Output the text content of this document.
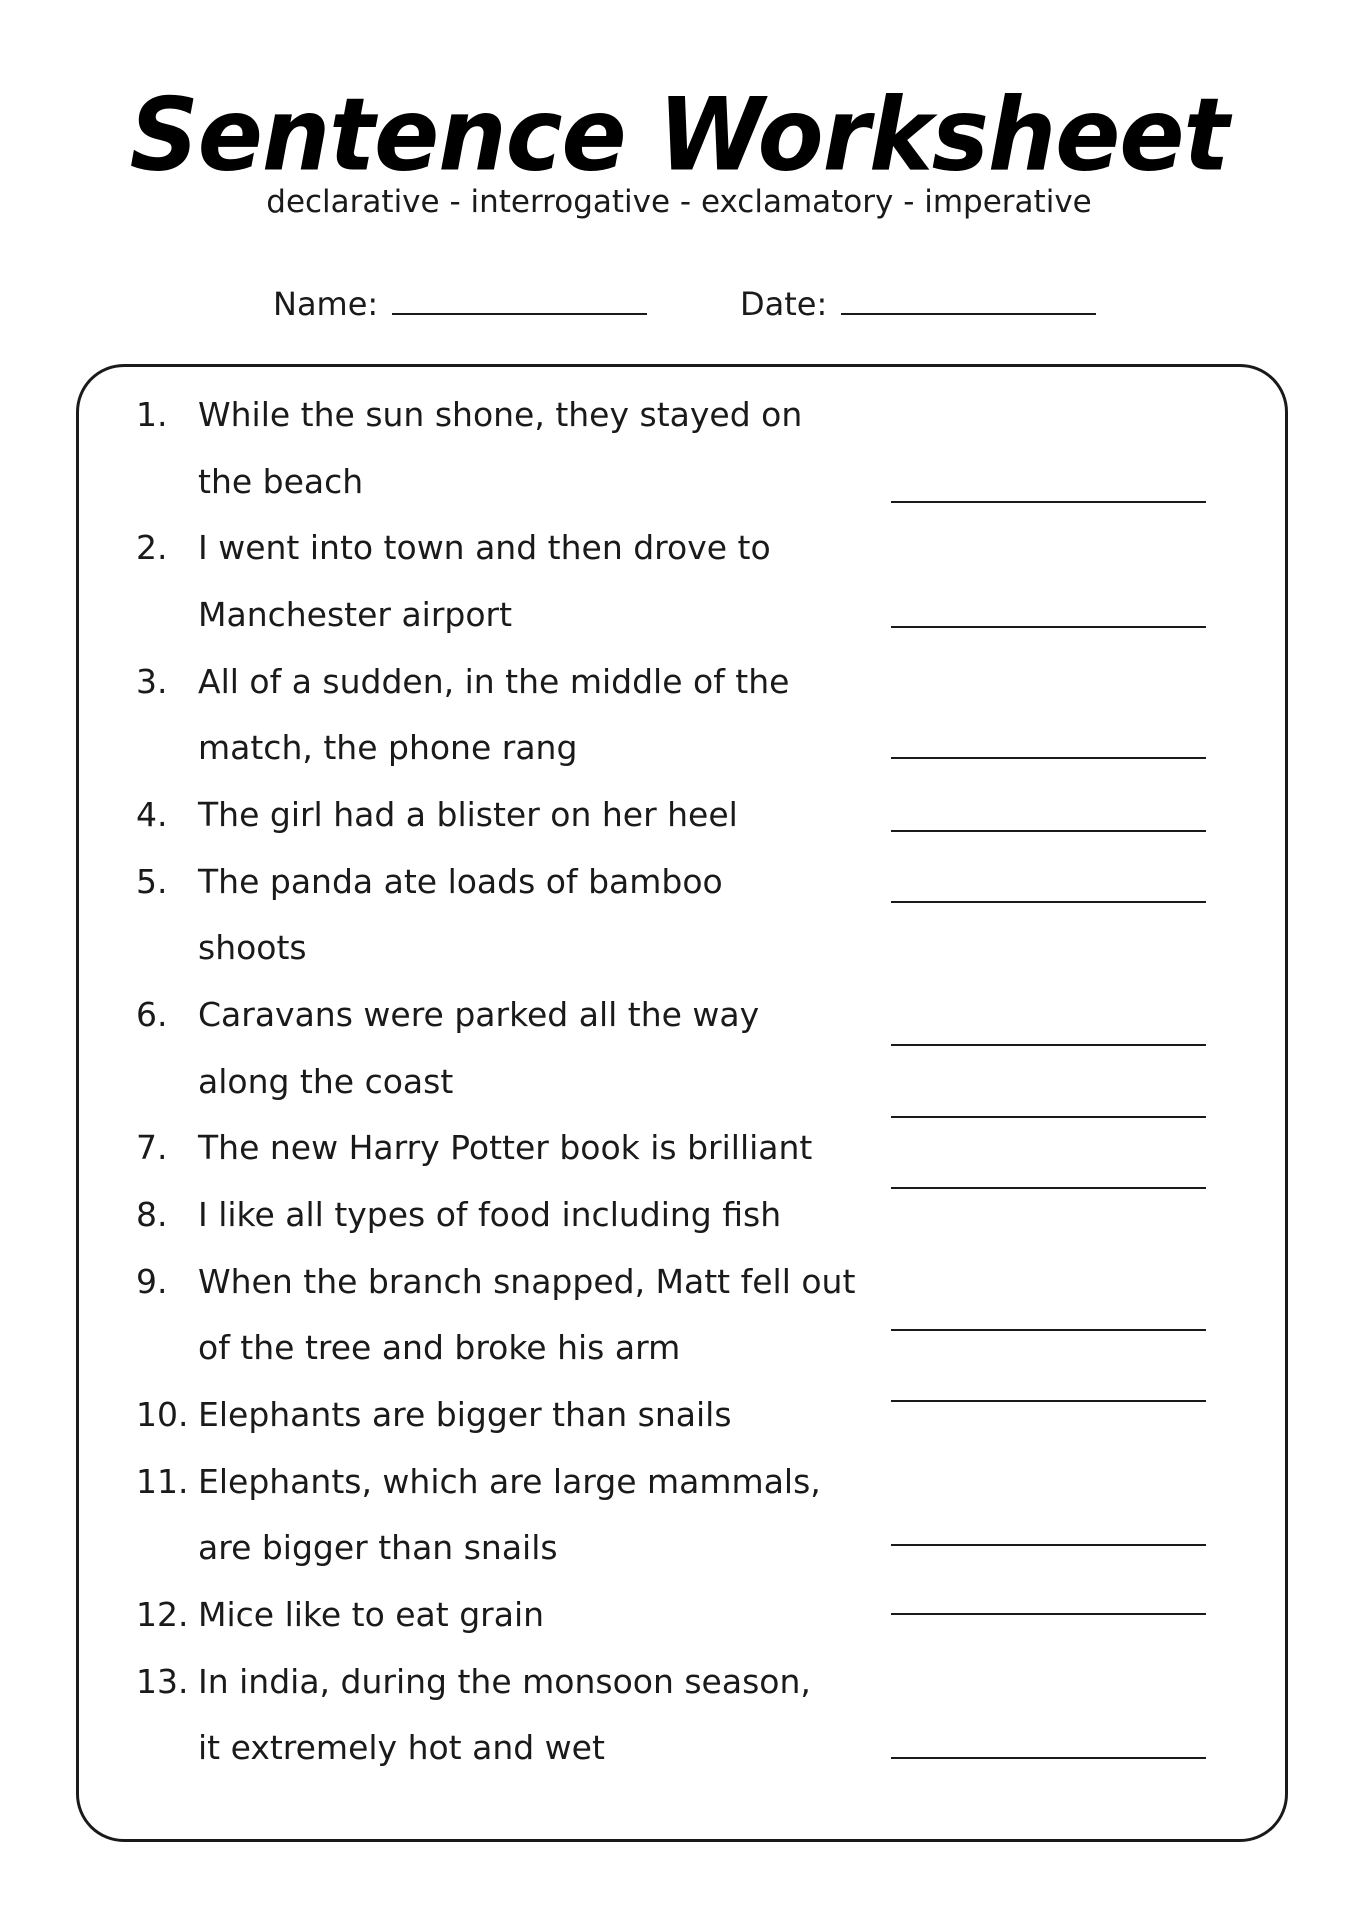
Sentence Worksheet
declarative - interrogative - exclamatory - imperative
Name:	Date:
1. While the sun shone, they stayed on
the beach
2. I went into town and then drove to
Manchester airport
3. All of a sudden, in the middle of the
match, the phone rang
4. The girl had a blister on her heel
5. The panda ate loads of bamboo
shoots
6. Caravans were parked all the way
along the coast
7. The new Harry Potter book is brilliant
8. I like all types of food including fish
9. When the branch snapped, Matt fell out
of the tree and broke his arm
10. Elephants are bigger than snails
11. Elephants, which are large mammals,
are bigger than snails
12. Mice like to eat grain
13. In india, during the monsoon season,
it extremely hot and wet
